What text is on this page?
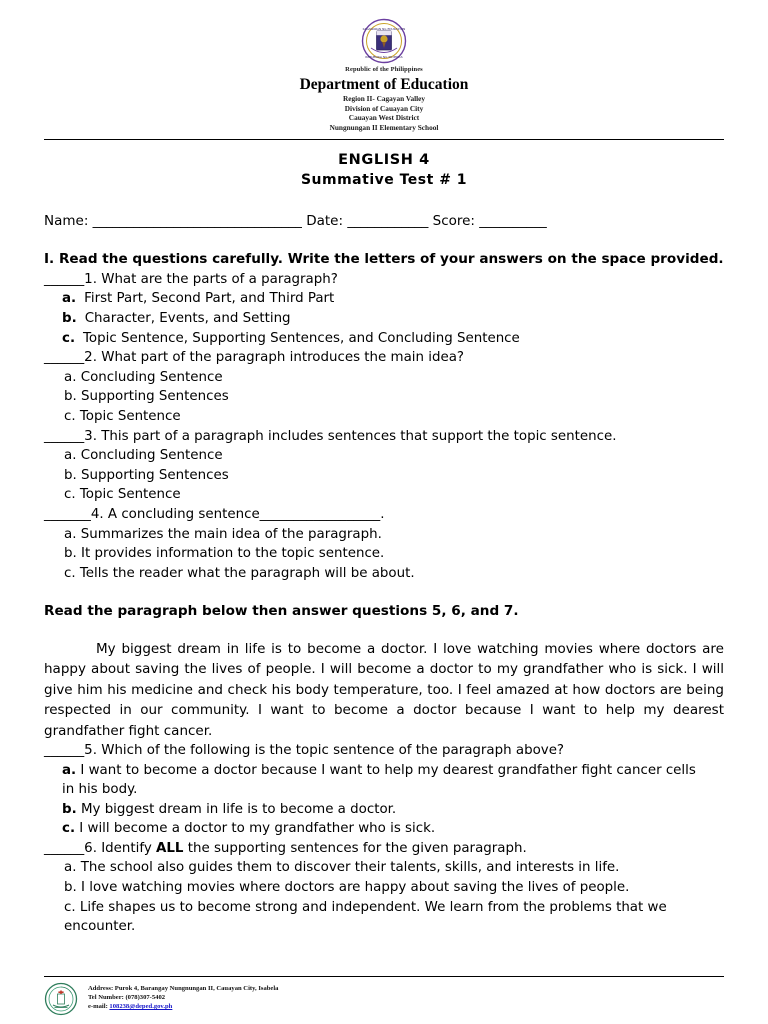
KAGAWARAN NG EDUKASYON
REPUBLIKA NG PILIPINAS
Republic of the Philippines
Department of Education
Region II- Cagayan Valley
Division of Cauayan City
Cauayan West District
Nungnungan II Elementary School
ENGLISH 4
Summative Test # 1
Name: _______________________________ Date: ____________ Score: __________
I. Read the questions carefully. Write the letters of your answers on the space provided.
______1. What are the parts of a paragraph?
a. First Part, Second Part, and Third Part
b. Character, Events, and Setting
c. Topic Sentence, Supporting Sentences, and Concluding Sentence
______2. What part of the paragraph introduces the main idea?
a. Concluding Sentence
b. Supporting Sentences
c. Topic Sentence
______3. This part of a paragraph includes sentences that support the topic sentence.
a. Concluding Sentence
b. Supporting Sentences
c. Topic Sentence
_______4. A concluding sentence__________________.
a. Summarizes the main idea of the paragraph.
b. It provides information to the topic sentence.
c. Tells the reader what the paragraph will be about.
Read the paragraph below then answer questions 5, 6, and 7.
My biggest dream in life is to become a doctor. I love watching movies where doctors are happy about saving the lives of people. I will become a doctor to my grandfather who is sick. I will give him his medicine and check his body temperature, too. I feel amazed at how doctors are being respected in our community. I want to become a doctor because I want to help my dearest grandfather fight cancer.
______5. Which of the following is the topic sentence of the paragraph above?
a. I want to become a doctor because I want to help my dearest grandfather fight cancer cells     in his body.
b. My biggest dream in life is to become a doctor.
c. I will become a doctor to my grandfather who is sick.
______6. Identify ALL the supporting sentences for the given paragraph.
a. The school also guides them to discover their talents, skills, and interests in life.
b. I love watching movies where doctors are happy about saving the lives of people.
c. Life shapes us to become strong and independent. We learn from the problems that we encounter.
Address: Purok 4, Barangay Nungnungan II, Cauayan City, Isabela
Tel Number: (078)307-5402
e-mail: 108238@deped.gov.ph
